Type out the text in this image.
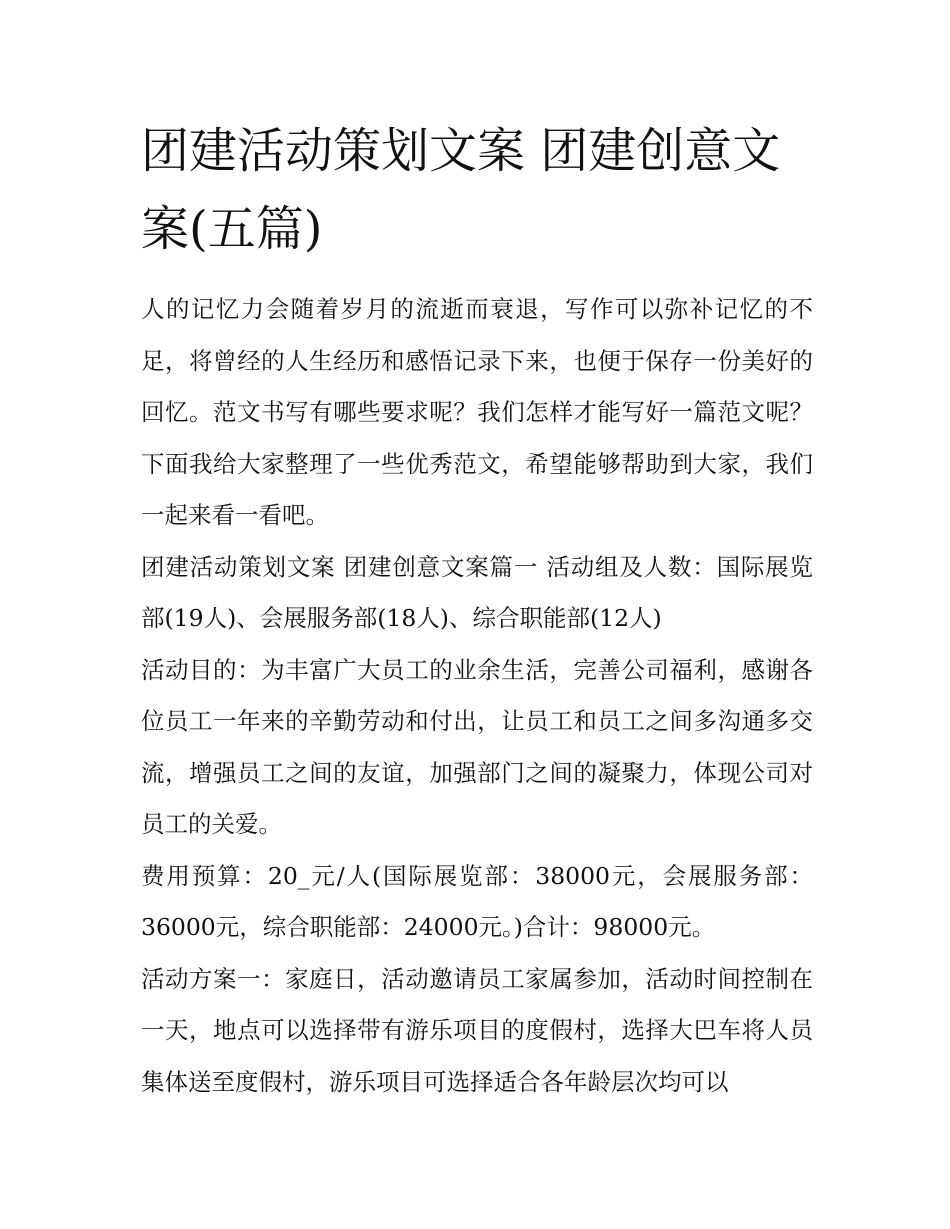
团建活动策划文案 团建创意文案(五篇)

人的记忆力会随着岁月的流逝而衰退，写作可以弥补记忆的不足，将曾经的人生经历和感悟记录下来，也便于保存一份美好的回忆。范文书写有哪些要求呢？我们怎样才能写好一篇范文呢？下面我给大家整理了一些优秀范文，希望能够帮助到大家，我们一起来看一看吧。

团建活动策划文案 团建创意文案篇一 活动组及人数：国际展览部(19人)、会展服务部(18人)、综合职能部(12人)

活动目的：为丰富广大员工的业余生活，完善公司福利，感谢各位员工一年来的辛勤劳动和付出，让员工和员工之间多沟通多交流，增强员工之间的友谊，加强部门之间的凝聚力，体现公司对员工的关爱。

费用预算：20_元/人(国际展览部：38000元，会展服务部：36000元，综合职能部：24000元。)合计：98000元。

活动方案一：家庭日，活动邀请员工家属参加，活动时间控制在一天，地点可以选择带有游乐项目的度假村，选择大巴车将人员集体送至度假村，游乐项目可选择适合各年龄层次均可以
